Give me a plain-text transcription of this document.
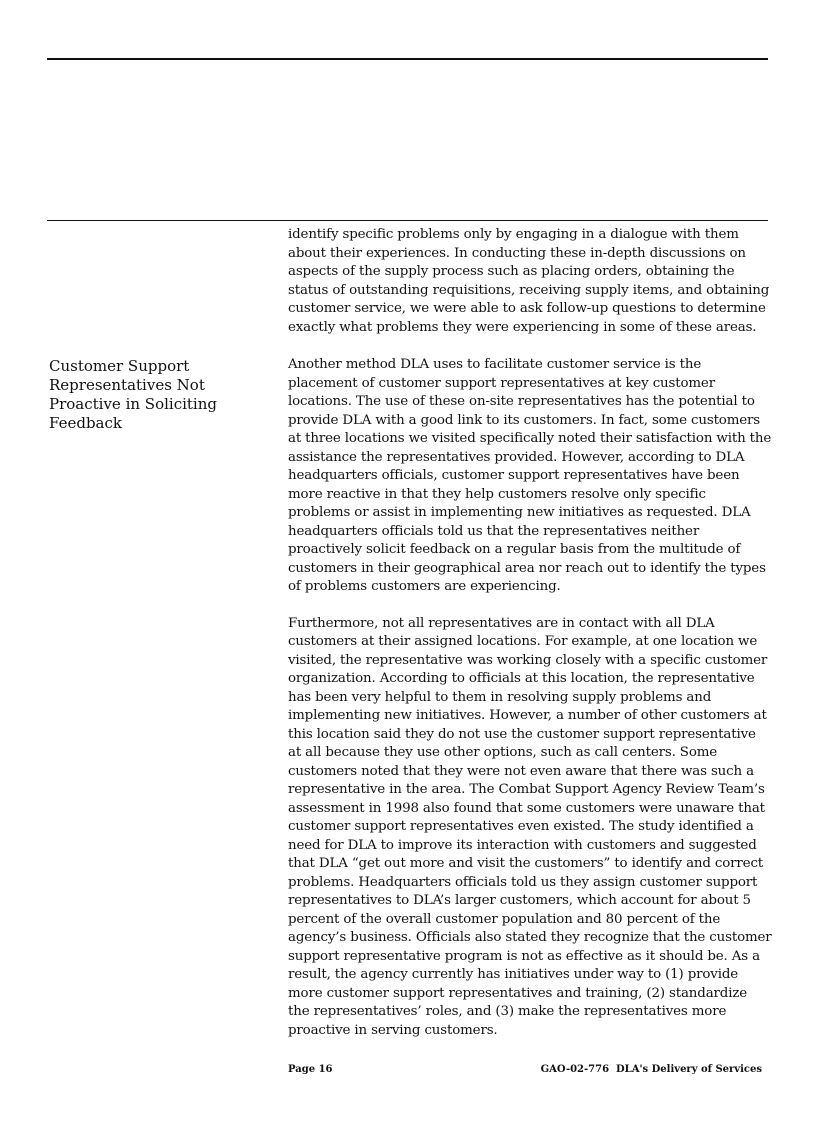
Customer Support Representatives Not Proactive in Soliciting Feedback

identify specific problems only by engaging in a dialogue with them about their experiences. In conducting these in-depth discussions on aspects of the supply process such as placing orders, obtaining the status of outstanding requisitions, receiving supply items, and obtaining customer service, we were able to ask follow-up questions to determine exactly what problems they were experiencing in some of these areas.

Another method DLA uses to facilitate customer service is the placement of customer support representatives at key customer locations. The use of these on-site representatives has the potential to provide DLA with a good link to its customers. In fact, some customers at three locations we visited specifically noted their satisfaction with the assistance the representatives provided. However, according to DLA headquarters officials, customer support representatives have been more reactive in that they help customers resolve only specific problems or assist in implementing new initiatives as requested. DLA headquarters officials told us that the representatives neither proactively solicit feedback on a regular basis from the multitude of customers in their geographical area nor reach out to identify the types of problems customers are experiencing.

Furthermore, not all representatives are in contact with all DLA customers at their assigned locations. For example, at one location we visited, the representative was working closely with a specific customer organization. According to officials at this location, the representative has been very helpful to them in resolving supply problems and implementing new initiatives. However, a number of other customers at this location said they do not use the customer support representative at all because they use other options, such as call centers. Some customers noted that they were not even aware that there was such a representative in the area. The Combat Support Agency Review Team’s assessment in 1998 also found that some customers were unaware that customer support representatives even existed. The study identified a need for DLA to improve its interaction with customers and suggested that DLA “get out more and visit the customers” to identify and correct problems. Headquarters officials told us they assign customer support representatives to DLA’s larger customers, which account for about 5 percent of the overall customer population and 80 percent of the agency’s business. Officials also stated they recognize that the customer support representative program is not as effective as it should be. As a result, the agency currently has initiatives under way to (1) provide more customer support representatives and training, (2) standardize the representatives’ roles, and (3) make the representatives more proactive in serving customers.

Page 16	GAO-02-776  DLA's Delivery of Services
